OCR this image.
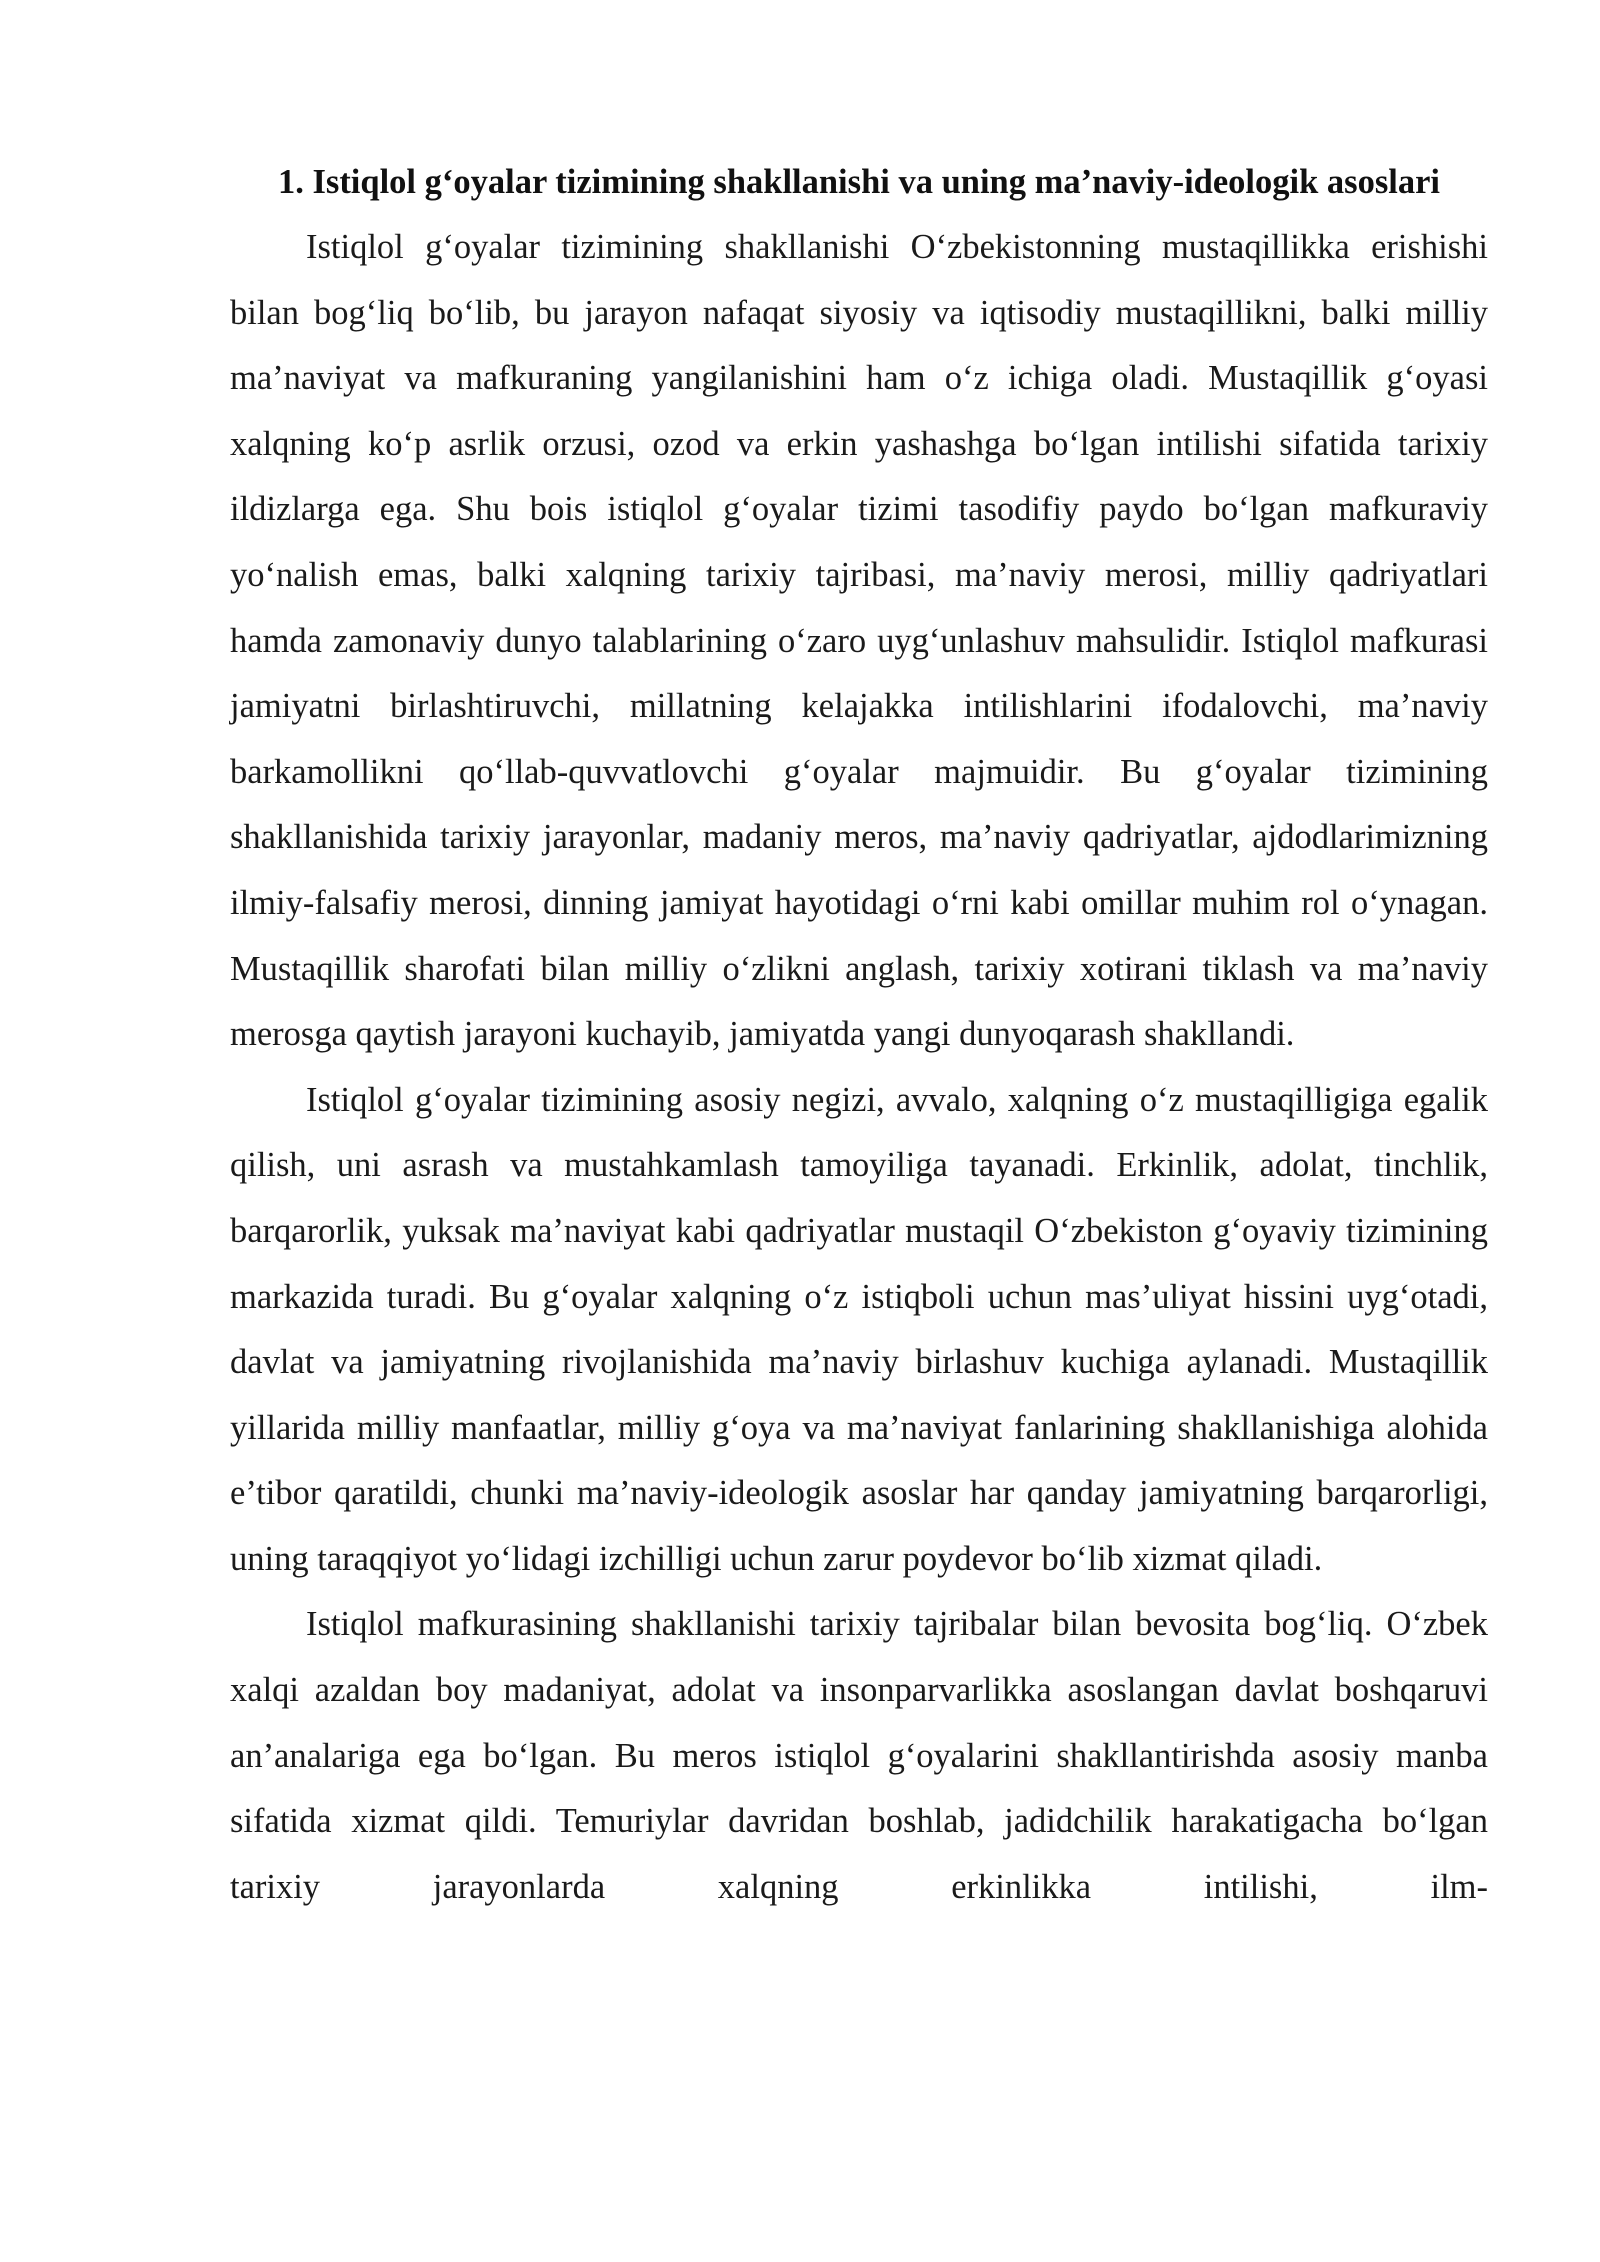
1. Istiqlol g‘oyalar tizimining shakllanishi va uning ma’naviy-ideologik asoslari

Istiqlol g‘oyalar tizimining shakllanishi O‘zbekistonning mustaqillikka erishishi bilan bog‘liq bo‘lib, bu jarayon nafaqat siyosiy va iqtisodiy mustaqillikni, balki milliy ma’naviyat va mafkuraning yangilanishini ham o‘z ichiga oladi. Mustaqillik g‘oyasi xalqning ko‘p asrlik orzusi, ozod va erkin yashashga bo‘lgan intilishi sifatida tarixiy ildizlarga ega. Shu bois istiqlol g‘oyalar tizimi tasodifiy paydo bo‘lgan mafkuraviy yo‘nalish emas, balki xalqning tarixiy tajribasi, ma’naviy merosi, milliy qadriyatlari hamda zamonaviy dunyo talablarining o‘zaro uyg‘unlashuv mahsulidir. Istiqlol mafkurasi jamiyatni birlashtiruvchi, millatning kelajakka intilishlarini ifodalovchi, ma’naviy barkamollikni qo‘llab-quvvatlovchi g‘oyalar majmuidir. Bu g‘oyalar tizimining shakllanishida tarixiy jarayonlar, madaniy meros, ma’naviy qadriyatlar, ajdodlarimizning ilmiy-falsafiy merosi, dinning jamiyat hayotidagi o‘rni kabi omillar muhim rol o‘ynagan. Mustaqillik sharofati bilan milliy o‘zlikni anglash, tarixiy xotirani tiklash va ma’naviy merosga qaytish jarayoni kuchayib, jamiyatda yangi dunyoqarash shakllandi.

Istiqlol g‘oyalar tizimining asosiy negizi, avvalo, xalqning o‘z mustaqilligiga egalik qilish, uni asrash va mustahkamlash tamoyiliga tayanadi. Erkinlik, adolat, tinchlik, barqarorlik, yuksak ma’naviyat kabi qadriyatlar mustaqil O‘zbekiston g‘oyaviy tizimining markazida turadi. Bu g‘oyalar xalqning o‘z istiqboli uchun mas’uliyat hissini uyg‘otadi, davlat va jamiyatning rivojlanishida ma’naviy birlashuv kuchiga aylanadi. Mustaqillik yillarida milliy manfaatlar, milliy g‘oya va ma’naviyat fanlarining shakllanishiga alohida e’tibor qaratildi, chunki ma’naviy-ideologik asoslar har qanday jamiyatning barqarorligi, uning taraqqiyot yo‘lidagi izchilligi uchun zarur poydevor bo‘lib xizmat qiladi.

Istiqlol mafkurasining shakllanishi tarixiy tajribalar bilan bevosita bog‘liq. O‘zbek xalqi azaldan boy madaniyat, adolat va insonparvarlikka asoslangan davlat boshqaruvi an’analariga ega bo‘lgan. Bu meros istiqlol g‘oyalarini shakllantirishda asosiy manba sifatida xizmat qildi. Temuriylar davridan boshlab, jadidchilik harakatigacha bo‘lgan tarixiy jarayonlarda xalqning erkinlikka intilishi, ilm-
